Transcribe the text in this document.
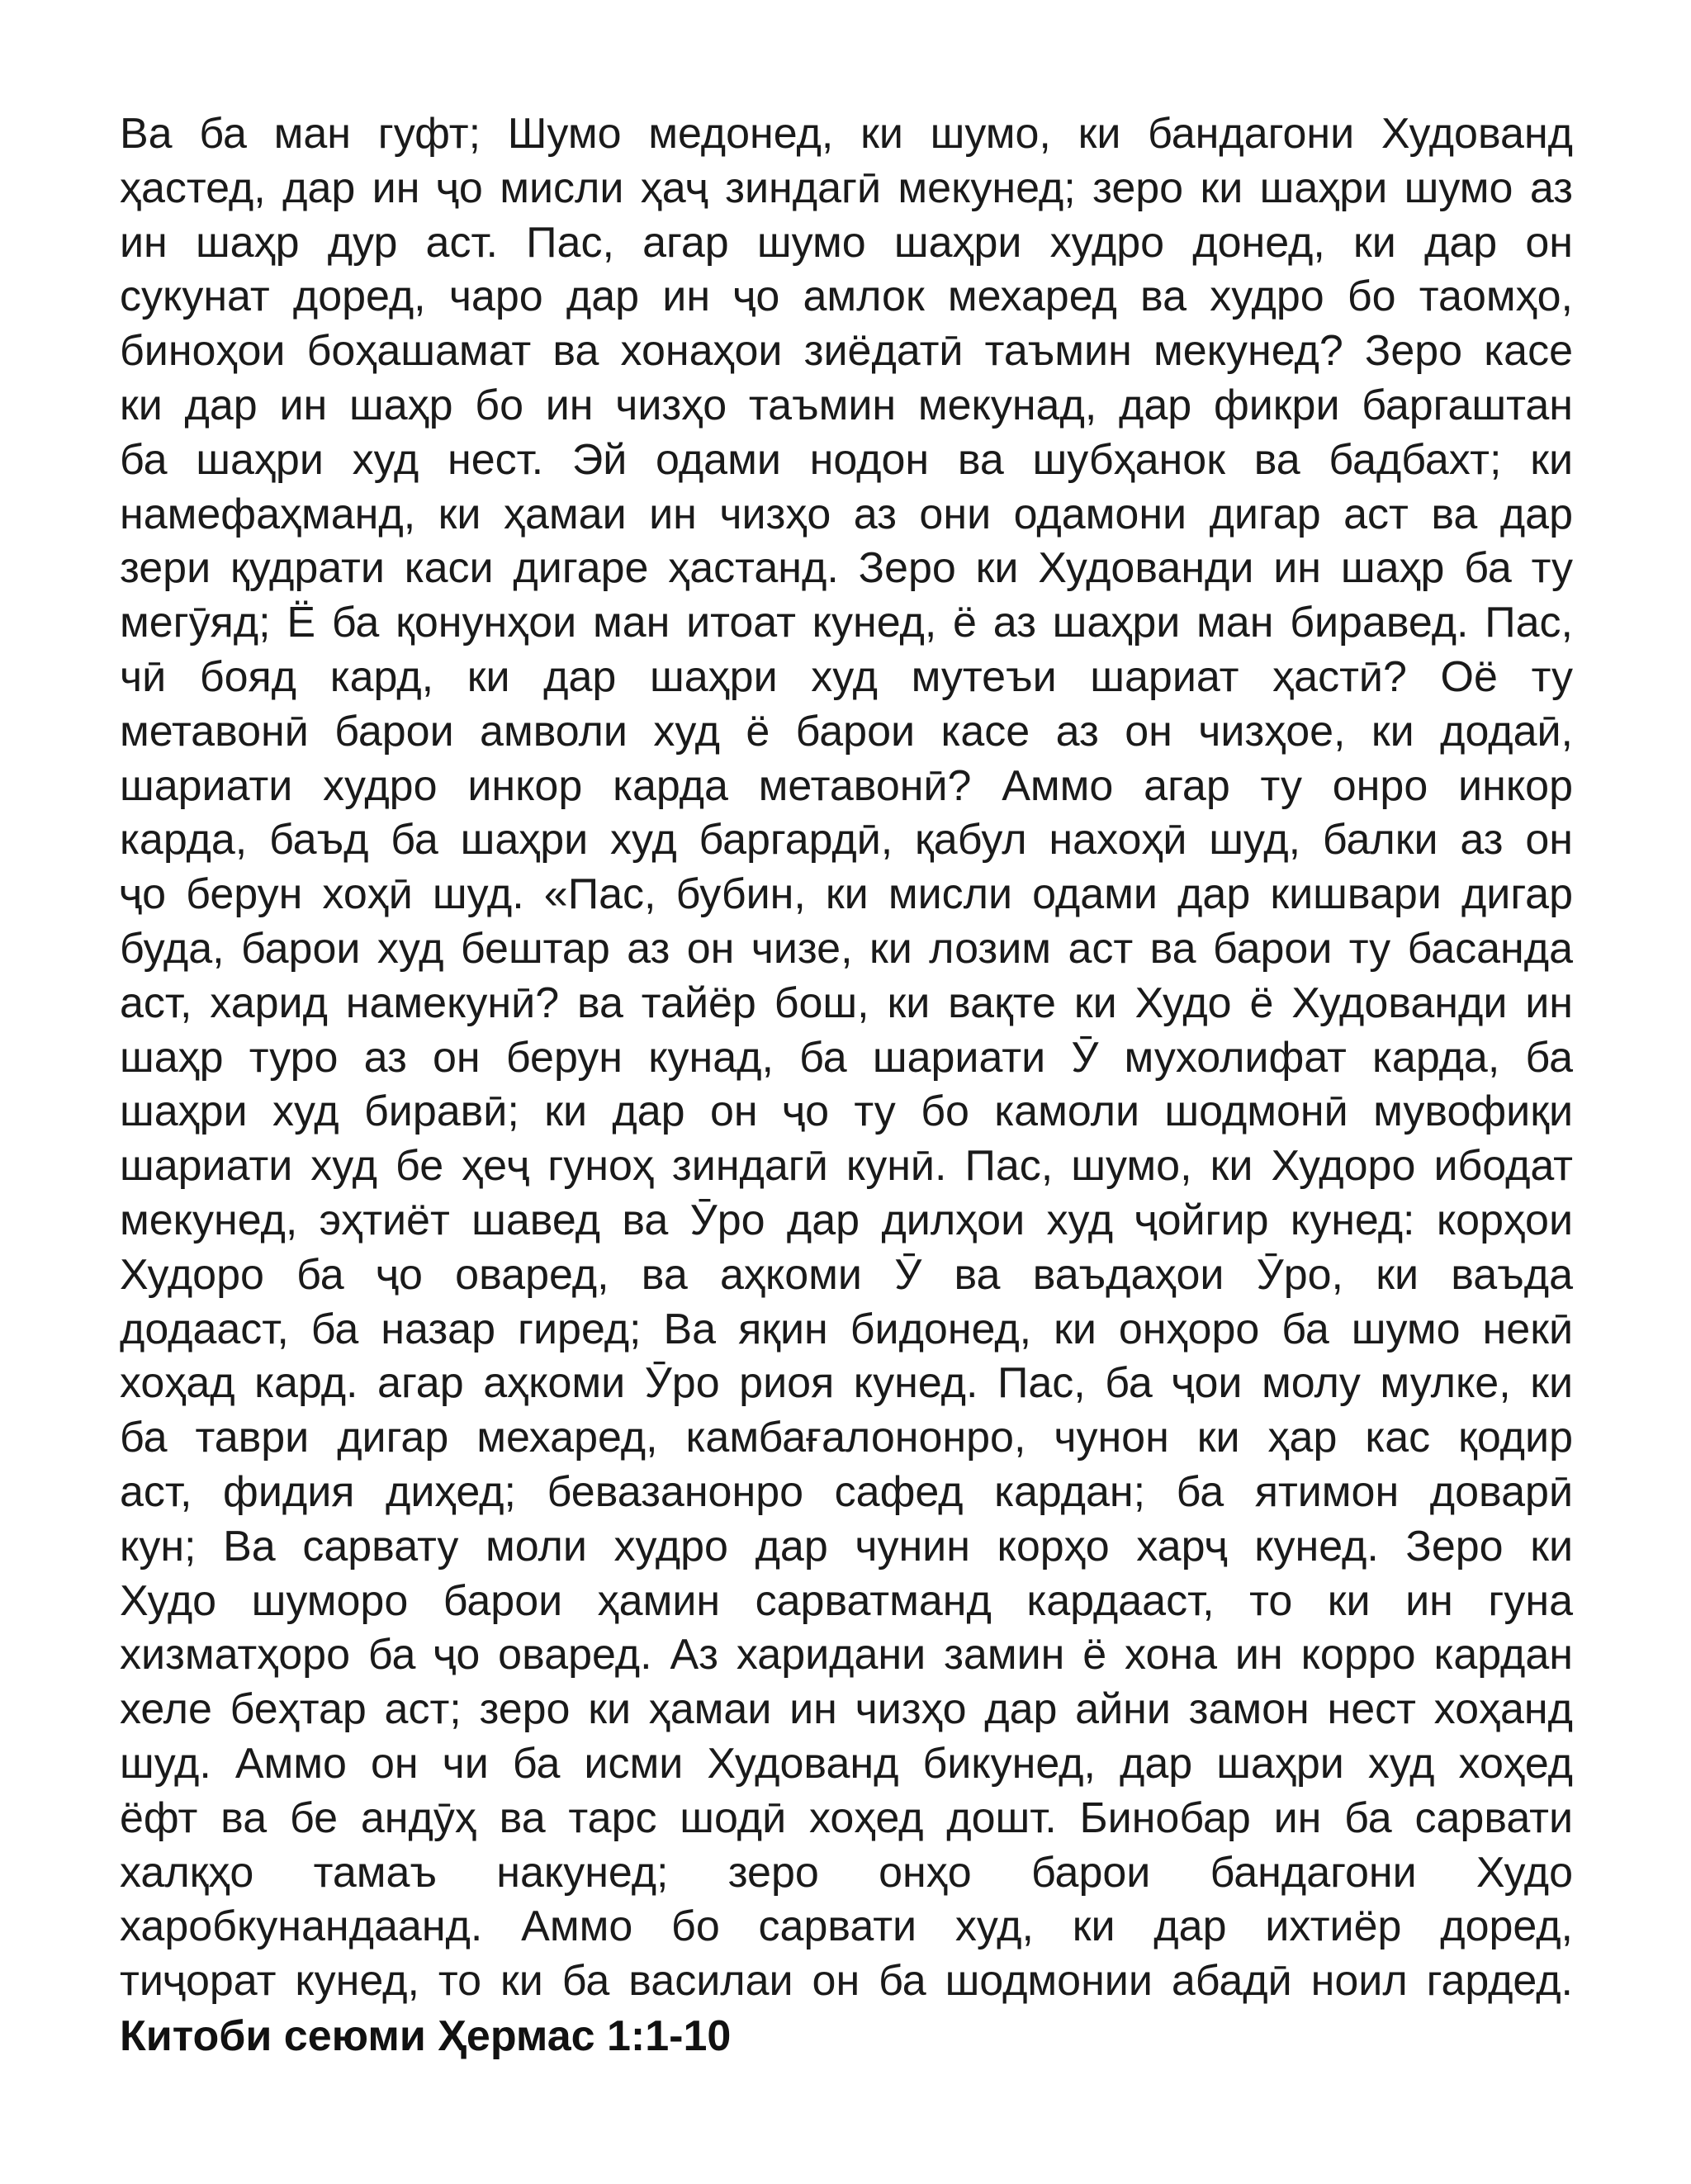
Ва ба ман гуфт; Шумо медонед, ки шумо, ки бандагони Худованд
ҳастед, дар ин ҷо мисли ҳаҷ зиндагӣ мекунед; зеро ки шаҳри шумо аз
ин шаҳр дур аст. Пас, агар шумо шаҳри худро донед, ки дар он
сукунат доред, чаро дар ин ҷо амлок мехаред ва худро бо таомҳо,
биноҳои боҳашамат ва хонаҳои зиёдатӣ таъмин мекунед? Зеро касе
ки дар ин шаҳр бо ин чизҳо таъмин мекунад, дар фикри баргаштан
ба шаҳри худ нест. Эй одами нодон ва шубҳанок ва бадбахт; ки
намефаҳманд, ки ҳамаи ин чизҳо аз они одамони дигар аст ва дар
зери қудрати каси дигаре ҳастанд. Зеро ки Худованди ин шаҳр ба ту
мегӯяд; Ё ба қонунҳои ман итоат кунед, ё аз шаҳри ман биравед. Пас,
чӣ бояд кард, ки дар шаҳри худ мутеъи шариат ҳастӣ? Оё ту
метавонӣ барои амволи худ ё барои касе аз он чизҳое, ки додаӣ,
шариати худро инкор карда метавонӣ? Аммо агар ту онро инкор
карда, баъд ба шаҳри худ баргардӣ, қабул нахоҳӣ шуд, балки аз он
ҷо берун хоҳӣ шуд. «Пас, бубин, ки мисли одами дар кишвари дигар
буда, барои худ бештар аз он чизе, ки лозим аст ва барои ту басанда
аст, харид намекунӣ? ва тайёр бош, ки вақте ки Худо ё Худованди ин
шаҳр туро аз он берун кунад, ба шариати Ӯ мухолифат карда, ба
шаҳри худ биравӣ; ки дар он ҷо ту бо камоли шодмонӣ мувофиқи
шариати худ бе ҳеҷ гуноҳ зиндагӣ кунӣ. Пас, шумо, ки Худоро ибодат
мекунед, эҳтиёт шавед ва Ӯро дар дилҳои худ ҷойгир кунед: корҳои
Худоро ба ҷо оваред, ва аҳкоми Ӯ ва ваъдаҳои Ӯро, ки ваъда
додааст, ба назар гиред; Ва яқин бидонед, ки онҳоро ба шумо некӣ
хоҳад кард. агар аҳкоми Ӯро риоя кунед. Пас, ба ҷои молу мулке, ки
ба таври дигар мехаред, камбағалононро, чунон ки ҳар кас қодир
аст, фидия диҳед; бевазанонро сафед кардан; ба ятимон доварӣ
кун; Ва сарвату моли худро дар чунин корҳо харҷ кунед. Зеро ки
Худо шуморо барои ҳамин сарватманд кардааст, то ки ин гуна
хизматҳоро ба ҷо оваред. Аз харидани замин ё хона ин корро кардан
хеле беҳтар аст; зеро ки ҳамаи ин чизҳо дар айни замон нест хоҳанд
шуд. Аммо он чи ба исми Худованд бикунед, дар шаҳри худ хоҳед
ёфт ва бе андӯҳ ва тарс шодӣ хоҳед дошт. Бинобар ин ба сарвати
халқҳо тамаъ накунед; зеро онҳо барои бандагони Худо
харобкунандаанд. Аммо бо сарвати худ, ки дар ихтиёр доред,
тиҷорат кунед, то ки ба василаи он ба шодмонии абадӣ ноил гардед.
Китоби сеюми Ҳермас 1:1-10
